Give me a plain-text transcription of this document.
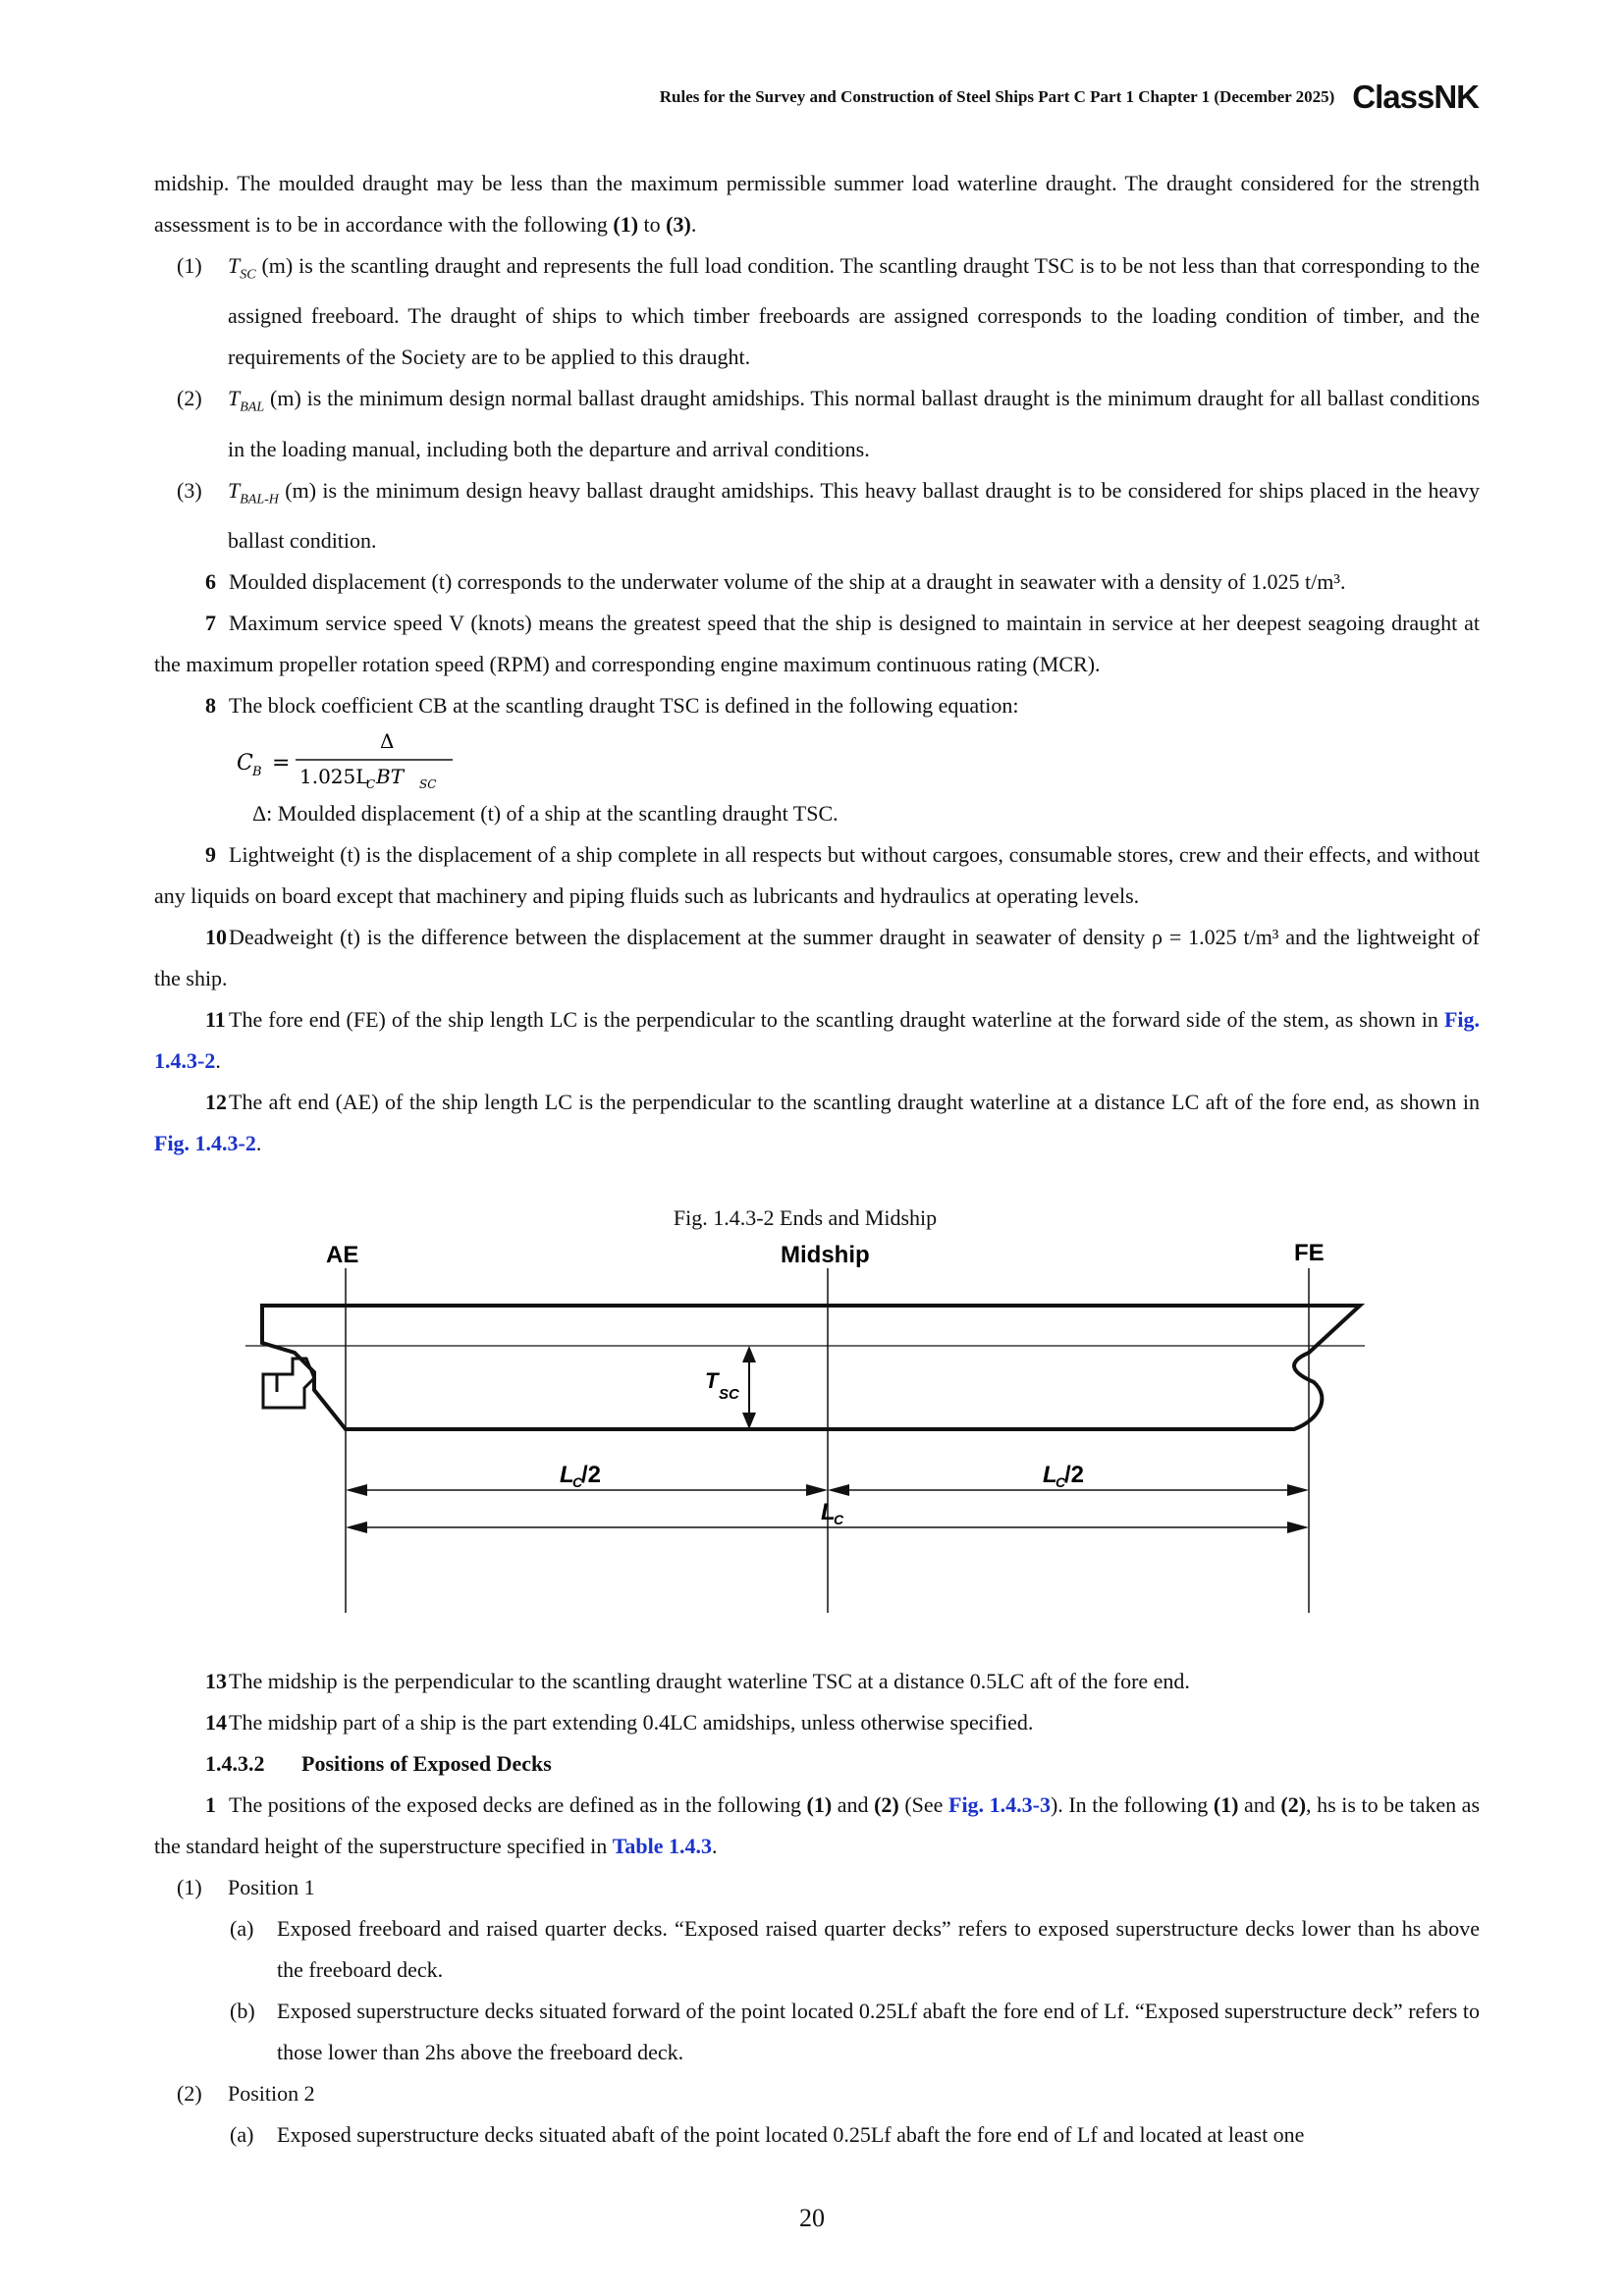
Rules for the Survey and Construction of Steel Ships Part C Part 1 Chapter 1 (December 2025) ClassNK

midship. The moulded draught may be less than the maximum permissible summer load waterline draught. The draught considered for the strength assessment is to be in accordance with the following (1) to (3).

(1) $T_{SC}$ (m) is the scantling draught and represents the full load condition. The scantling draught TSC is to be not less than that corresponding to the assigned freeboard. The draught of ships to which timber freeboards are assigned corresponds to the loading condition of timber, and the requirements of the Society are to be applied to this draught.
(2) $T_{BAL}$ (m) is the minimum design normal ballast draught amidships. This normal ballast draught is the minimum draught for all ballast conditions in the loading manual, including both the departure and arrival conditions.
(3) $T_{BAL-H}$ (m) is the minimum design heavy ballast draught amidships. This heavy ballast draught is to be considered for ships placed in the heavy ballast condition.

6 Moulded displacement (t) corresponds to the underwater volume of the ship at a draught in seawater with a density of 1.025 t/m³.

7 Maximum service speed V (knots) means the greatest speed that the ship is designed to maintain in service at her deepest seagoing draught at the maximum propeller rotation speed (RPM) and corresponding engine maximum continuous rating (MCR).

8 The block coefficient CB at the scantling draught TSC is defined in the following equation:

C B =
Δ
1.025L
C BT SC

Δ: Moulded displacement (t) of a ship at the scantling draught TSC.

9 Lightweight (t) is the displacement of a ship complete in all respects but without cargoes, consumable stores, crew and their effects, and without any liquids on board except that machinery and piping fluids such as lubricants and hydraulics at operating levels.

10Deadweight (t) is the difference between the displacement at the summer draught in seawater of density ρ = 1.025 t/m³ and the lightweight of the ship.

11 The fore end (FE) of the ship length LC is the perpendicular to the scantling draught waterline at the forward side of the stem, as shown in Fig. 1.4.3-2.

12The aft end (AE) of the ship length LC is the perpendicular to the scantling draught waterline at a distance LC aft of the fore end, as shown in Fig. 1.4.3-2.

Fig. 1.4.3-2 Ends and Midship
AE	Midship	FE
T
SC
L
C
/2	L
C
/2
L
C

13The midship is the perpendicular to the scantling draught waterline TSC at a distance 0.5LC aft of the fore end.

14The midship part of a ship is the part extending 0.4LC amidships, unless otherwise specified.

1.4.3.2 Positions of Exposed Decks

1 The positions of the exposed decks are defined as in the following (1) and (2) (See Fig. 1.4.3-3). In the following (1) and (2), hs is to be taken as the standard height of the superstructure specified in Table 1.4.3.

(1) Position 1
(a) Exposed freeboard and raised quarter decks. “Exposed raised quarter decks” refers to exposed superstructure decks lower than hs above the freeboard deck.
(b) Exposed superstructure decks situated forward of the point located 0.25Lf abaft the fore end of Lf. “Exposed superstructure deck” refers to those lower than 2hs above the freeboard deck.
(2) Position 2
(a) Exposed superstructure decks situated abaft of the point located 0.25Lf abaft the fore end of Lf and located at least one
20
